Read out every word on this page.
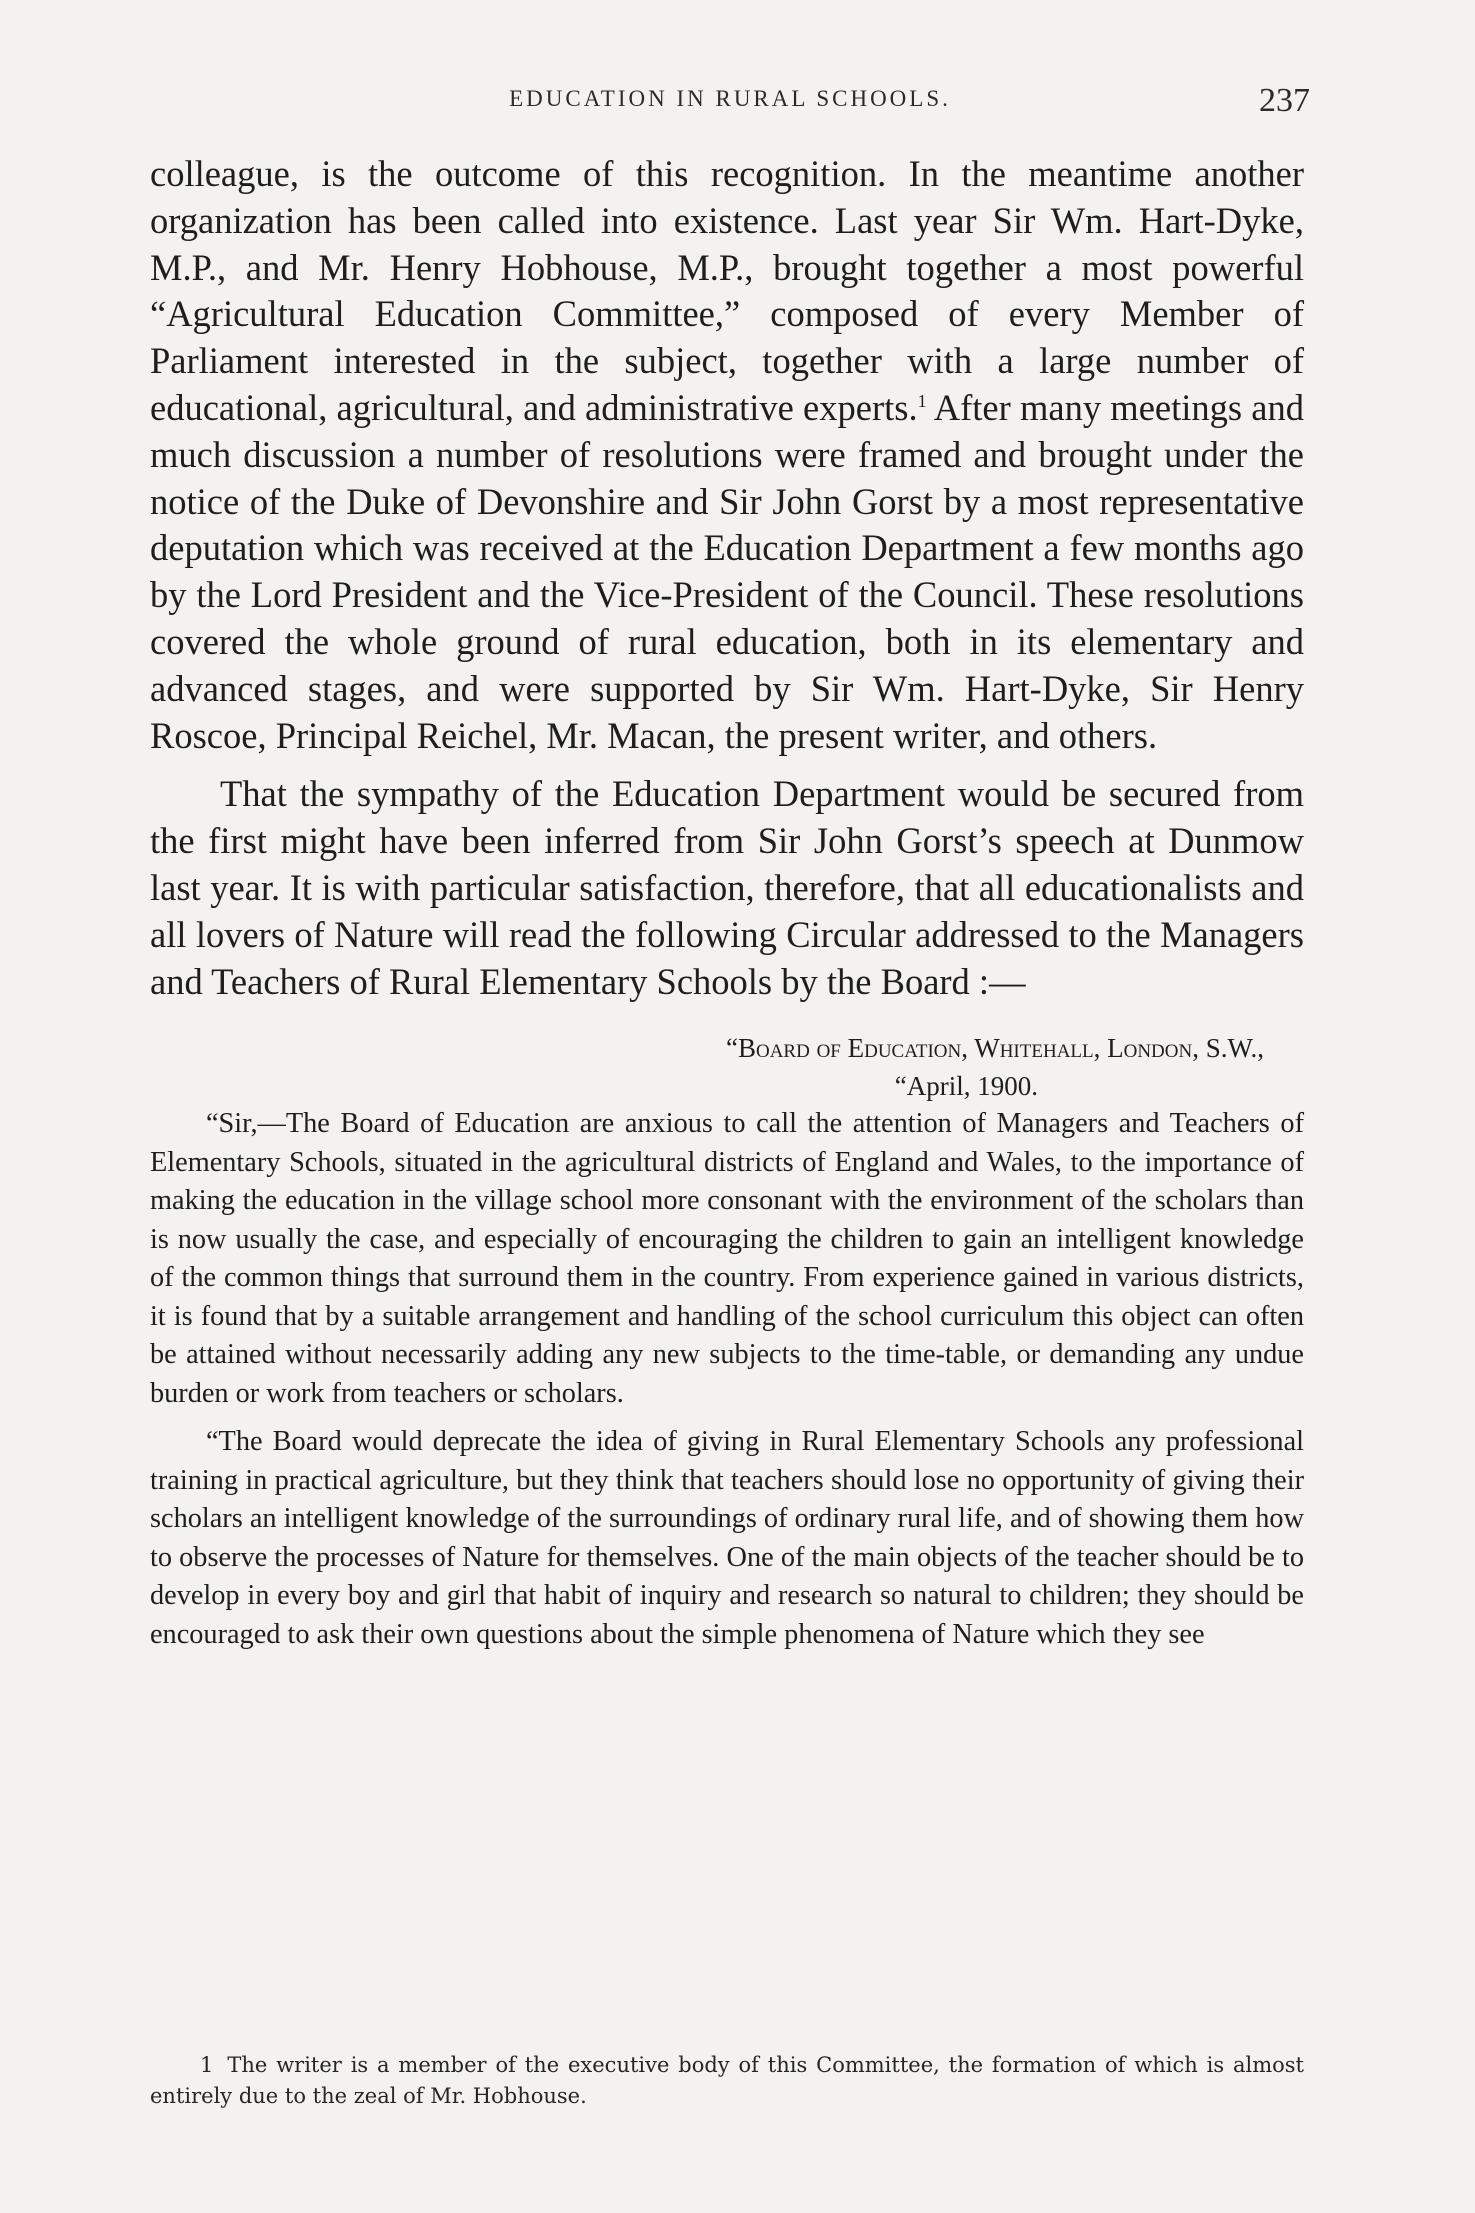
EDUCATION IN RURAL SCHOOLS.	237

colleague, is the outcome of this recognition. In the meantime another organization has been called into existence. Last year Sir Wm. Hart-Dyke, M.P., and Mr. Henry Hobhouse, M.P., brought together a most powerful “Agricultural Education Committee,” composed of every Member of Parliament interested in the subject, together with a large number of educational, agricultural, and administrative experts.$^1$ After many meetings and much discussion a number of resolutions were framed and brought under the notice of the Duke of Devonshire and Sir John Gorst by a most representative deputation which was received at the Education Department a few months ago by the Lord President and the Vice-President of the Council. These resolutions covered the whole ground of rural education, both in its elementary and advanced stages, and were supported by Sir Wm. Hart-Dyke, Sir Henry Roscoe, Principal Reichel, Mr. Macan, the present writer, and others.

That the sympathy of the Education Department would be secured from the first might have been inferred from Sir John Gorst’s speech at Dunmow last year. It is with particular satisfaction, therefore, that all educationalists and all lovers of Nature will read the following Circular addressed to the Managers and Teachers of Rural Elementary Schools by the Board :—

“Board of Education, Whitehall, London, S.W.,
“April, 1900.

“Sir,—The Board of Education are anxious to call the attention of Managers and Teachers of Elementary Schools, situated in the agricultural districts of England and Wales, to the importance of making the education in the village school more consonant with the environment of the scholars than is now usually the case, and especially of encouraging the children to gain an intelligent knowledge of the common things that surround them in the country. From experience gained in various districts, it is found that by a suitable arrangement and handling of the school curriculum this object can often be attained without necessarily adding any new subjects to the time-table, or demanding any undue burden or work from teachers or scholars.

“The Board would deprecate the idea of giving in Rural Elementary Schools any professional training in practical agriculture, but they think that teachers should lose no opportunity of giving their scholars an intelligent knowledge of the surroundings of ordinary rural life, and of showing them how to observe the processes of Nature for themselves. One of the main objects of the teacher should be to develop in every boy and girl that habit of inquiry and research so natural to children; they should be encouraged to ask their own questions about the simple phenomena of Nature which they see

1 The writer is a member of the executive body of this Committee, the formation of which is almost entirely due to the zeal of Mr. Hobhouse.
